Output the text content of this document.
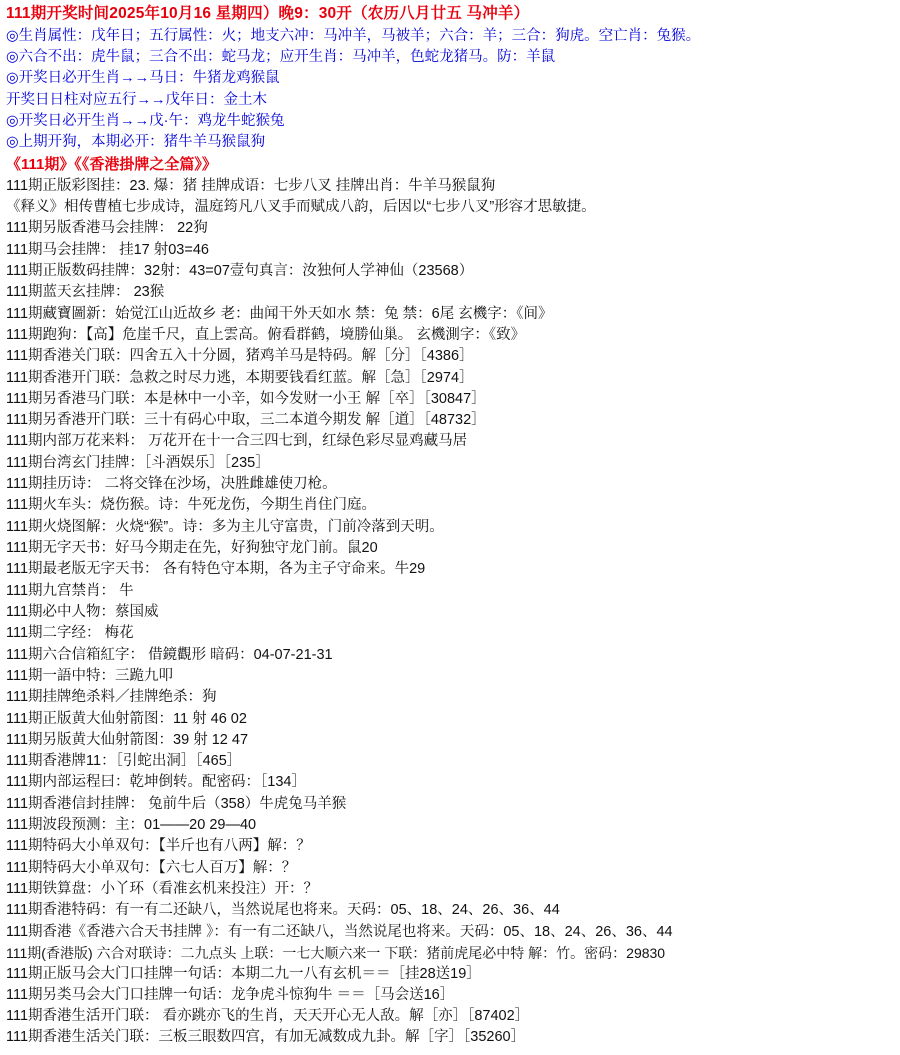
111期开奖时间2025年10月16 星期四）晚9：30开（农历八月廿五 马冲羊）
◎生肖属性：戊年日；五行属性：火；地支六冲：马冲羊，马被羊；六合：羊；三合：狗虎。空亡肖：兔猴。
◎六合不出：虎牛鼠；三合不出：蛇马龙；应开生肖：马冲羊，色蛇龙猪马。防：羊鼠
◎开奖日必开生肖→→马日：牛猪龙鸡猴鼠
开奖日日柱对应五行→→戊年日：金土木
◎开奖日必开生肖→→戊·午：鸡龙牛蛇猴兔
◎上期开狗，本期必开：猪牛羊马猴鼠狗
《111期》《《香港掛牌之全篇》》
111期正版彩图挂：23. 爆：猪 挂牌成语：七步八叉 挂牌出肖：牛羊马猴鼠狗
《释义》相传曹植七步成诗，温庭筠凡八叉手而赋成八韵，后因以“七步八叉”形容才思敏捷。
111期另版香港马会挂牌： 22狗
111期马会挂牌： 挂17 射03=46
111期正版数码挂牌：32射：43=07壹句真言：汝独何人学神仙（23568）
111期蓝天玄挂牌： 23猴
111期藏寶圖新：始觉江山近故乡 老：曲闻干外天如水 禁：兔 禁：6尾 玄機字：《间》
111期跑狗：【高】危崖千尺，直上雲高。俯看群鹤，境勝仙巢。 玄機測字：《致》
111期香港关门联：四舍五入十分圆，猪鸡羊马是特码。解［分］［4386］
111期香港开门联：急救之时尽力逃，本期要钱看红蓝。解［急］［2974］
111期另香港马门联：本是林中一小辛，如今发财一小王 解［卒］［30847］
111期另香港开门联：三十有码心中取，三二本道今期发 解［道］［48732］
111期内部万花来料： 万花开在十一合三四七到，红绿色彩尽显鸡藏马居
111期台湾玄门挂牌：［斗酒娱乐］［235］
111期挂历诗： 二将交锋在沙场，决胜雌雄使刀枪。
111期火车头：烧伤猴。诗：牛死龙伤，今期生肖住门庭。
111期火烧图解：火烧“猴”。诗：多为主儿守富贵，门前冷落到天明。
111期无字天书：好马今期走在先，好狗独守龙门前。鼠20
111期最老版无字天书： 各有特色守本期，各为主子守命来。牛29
111期九宫禁肖： 牛
111期必中人物：蔡国威
111期二字经： 梅花
111期六合信箱紅字： 借鏡觀形 暗码：04-07-21-31
111期一語中特：三跪九叩
111期挂牌绝杀料／挂牌绝杀：狗
111期正版黄大仙射箭图：11 射 46 02
111期另版黄大仙射箭图：39 射 12 47
111期香港牌11：［引蛇出洞］［465］
111期内部运程曰：乾坤倒转。配密码：［134］
111期香港信封挂牌： 兔前牛后（358）牛虎兔马羊猴
111期波段预测：主：01——20 29—40
111期特码大小单双句：【半斤也有八两】解：？
111期特码大小单双句：【六七人百万】解：？
111期铁算盘：小丫环（看准玄机来投注）开：？
111期香港特码：有一有二还缺八，当然说尾也将来。天码：05、18、24、26、36、44
111期香港《香港六合天书挂牌 》：有一有二还缺八，当然说尾也将来。天码：05、18、24、26、36、44
111期(香港版) 六合对联诗：二九点头 上联：一七大顺六来一 下联：猪前虎尾必中特 解：竹。密码：29830
111期正版马会大门口挂牌一句话：本期二九一八有玄机＝＝［挂28送19］
111期另类马会大门口挂牌一句话：龙争虎斗惊狗牛 ＝＝［马会送16］
111期香港生活开门联： 看亦跳亦飞的生肖，天天开心无人敌。解［亦］［87402］
111期香港生活关门联：三板三眼数四宫，有加无减数成九卦。解［字］［35260］
